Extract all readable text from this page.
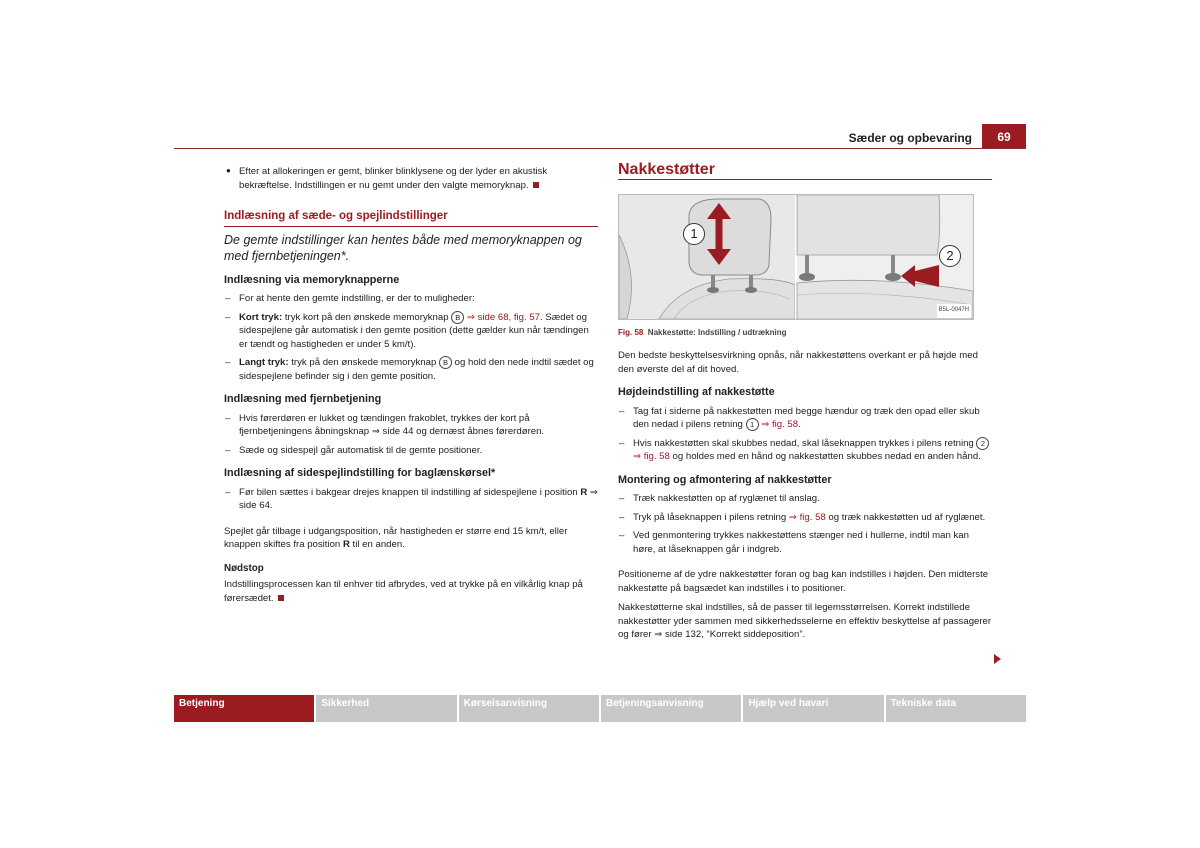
Sæder og opbevaring	69
● Efter at allokeringen er gemt, blinker blinklysene og der lyder en akustisk bekræftelse. Indstillingen er nu gemt under den valgte memoryknap.
Indlæsning af sæde- og spejlindstillinger
De gemte indstillinger kan hentes både med memoryknappen og med fjernbetjeningen*.
Indlæsning via memoryknapperne
– For at hente den gemte indstilling, er der to muligheder:
– Kort tryk: tryk kort på den ønskede memoryknap B ⇒ side 68, fig. 57. Sædet og sidespejlene går automatisk i den gemte position (dette gælder kun når tændingen er tændt og hastigheden er under 5 km/t).
– Langt tryk: tryk på den ønskede memoryknap B og hold den nede indtil sædet og sidespejlene befinder sig i den gemte position.
Indlæsning med fjernbetjening
– Hvis førerdøren er lukket og tændingen frakoblet, trykkes der kort på fjernbetjeningens åbningsknap ⇒ side 44 og dernæst åbnes førerdøren.
– Sæde og sidespejl går automatisk til de gemte positioner.
Indlæsning af sidespejlindstilling for baglænskørsel*
– Før bilen sættes i bakgear drejes knappen til indstilling af sidespejlene i position R ⇒ side 64.

Spejlet går tilbage i udgangsposition, når hastigheden er større end 15 km/t, eller knappen skiftes fra position R til en anden.

Nødstop

Indstillingsprocessen kan til enhver tid afbrydes, ved at trykke på en vilkårlig knap på førersædet.

Nakkestøtter
1
2
B5L-0047H
Fig. 58 Nakkestøtte: Indstilling / udtrækning

Den bedste beskyttelsesvirkning opnås, når nakkestøttens overkant er på højde med den øverste del af dit hoved.

Højdeindstilling af nakkestøtte
– Tag fat i siderne på nakkestøtten med begge hændur og træk den opad eller skub den nedad i pilens retning 1 ⇒ fig. 58.
– Hvis nakkestøtten skal skubbes nedad, skal låseknappen trykkes i pilens retning 2 ⇒ fig. 58 og holdes med en hånd og nakkestøtten skubbes nedad en anden hånd.
Montering og afmontering af nakkestøtter
– Træk nakkestøtten op af ryglænet til anslag.
– Tryk på låseknappen i pilens retning ⇒ fig. 58 og træk nakkestøtten ud af ryglænet.
– Ved genmontering trykkes nakkestøttens stænger ned i hullerne, indtil man kan høre, at låseknappen går i indgreb.

Positionerne af de ydre nakkestøtter foran og bag kan indstilles i højden. Den midterste nakkestøtte på bagsædet kan indstilles i to positioner.

Nakkestøtterne skal indstilles, så de passer til legemsstørrelsen. Korrekt indstillede nakkestøtter yder sammen med sikkerhedsselerne en effektiv beskyttelse af passagerer og fører ⇒ side 132, “Korrekt siddeposition”.

Betjening	Sikkerhed	Kørselsanvisning	Betjeningsanvisning	Hjælp ved havari	Tekniske data
